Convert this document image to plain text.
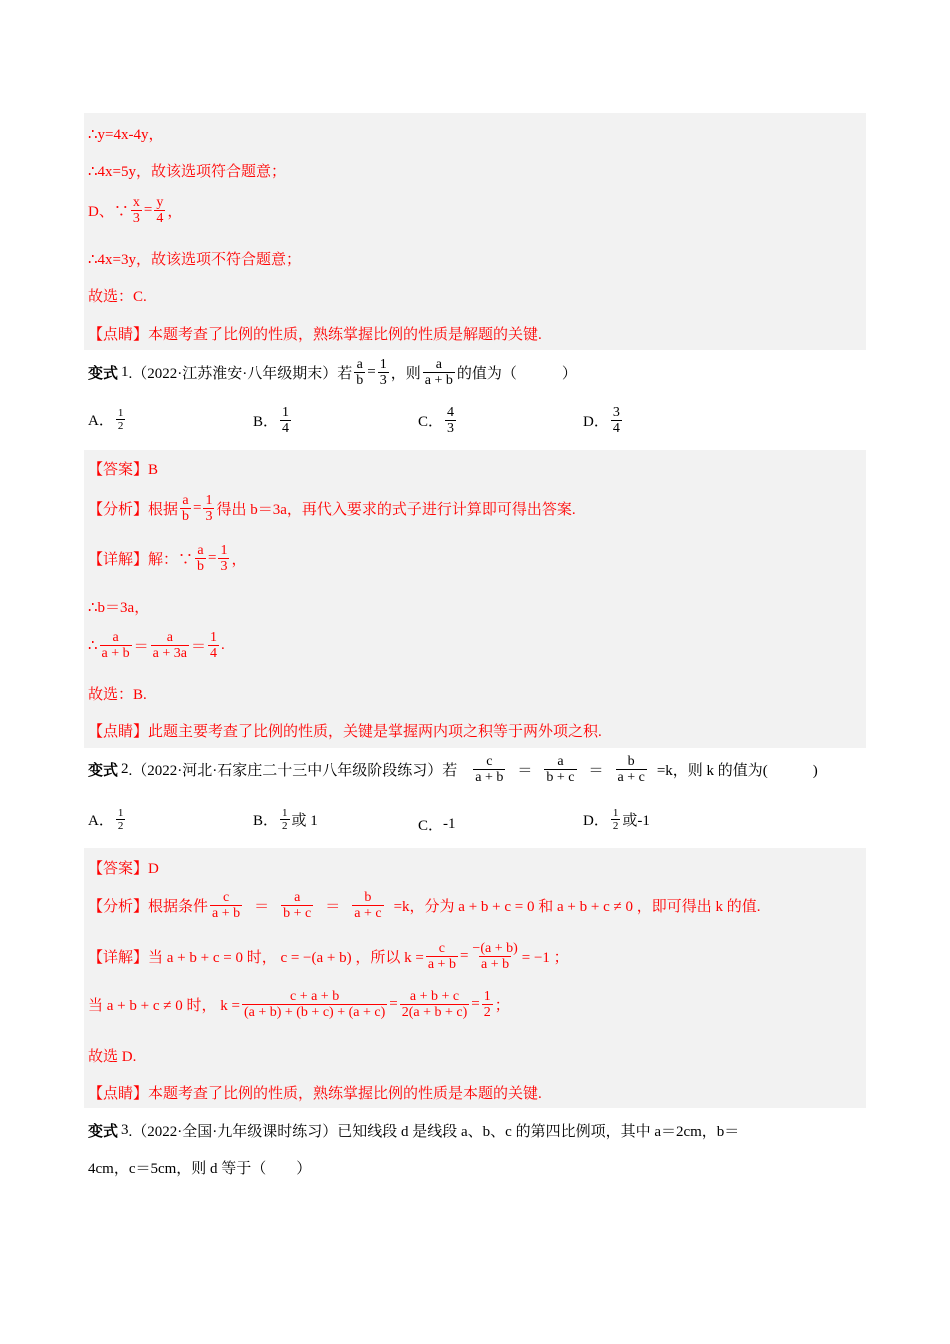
∴y=4x-4y，
∴4x=5y，故该选项符合题意；
D、∵ $\frac{x}{3} = \frac{y}{4}$ ，
∴4x=3y，故该选项不符合题意；
故选：C.
【点睛】本题考查了比例的性质，熟练掌握比例的性质是解题的关键.
变式 1 .（2022·江苏淮安·八年级期末）若 $\frac{a}{b} = \frac{1}{3}$ ，则 $\frac{a}{a + b}$ 的值为（　　　）
A． $\frac{1}{2}$	B． $\frac{1}{4}$	C． $\frac{4}{3}$	D． $\frac{3}{4}$
【答案】B
【分析】根据 $\frac{a}{b} = \frac{1}{3}$ 得出 b＝3a，再代入要求的式子进行计算即可得出答案.
【详解】解：∵ $\frac{a}{b} = \frac{1}{3}$ ，
∴b＝3a，
∴ $\frac{a}{a + b} = \frac{a}{a + 3a} = \frac{1}{4}$ .
故选：B.
【点睛】此题主要考查了比例的性质，关键是掌握两内项之积等于两外项之积.
变式 2 .（2022·河北·石家庄二十三中八年级阶段练习）若 $\frac{c}{a + b} = \frac{a}{b + c} = \frac{b}{a + c} =k$，则 k 的值为(　　　)
A． $\frac{1}{2}$	B． $\frac{1}{2}$ 或 1	C． -1	D． $\frac{1}{2}$ 或-1
【答案】D
【分析】根据条件 $\frac{c}{a + b} = \frac{a}{b + c} = \frac{b}{a + c} =k$，分为 a + b + c = 0 和 a + b + c ≠ 0 ，即可得出 k 的值.
【详解】当 a + b + c = 0 时， c = −(a + b) ，所以 $k = \frac{c}{a + b} = \frac{-(a + b)}{a + b} = -1$ ；
当 a + b + c ≠ 0 时， $k = \frac{c + a + b}{(a + b) + (b + c) + (a + c)} = \frac{a + b + c}{2(a + b + c)} = \frac{1}{2}$ ；
故选 D.
【点睛】本题考查了比例的性质，熟练掌握比例的性质是本题的关键.
变式 3 .（2022·全国·九年级课时练习）已知线段 d 是线段 a、b、c 的第四比例项，其中 a＝2cm，b＝
4cm，c＝5cm，则 d 等于（　　）
